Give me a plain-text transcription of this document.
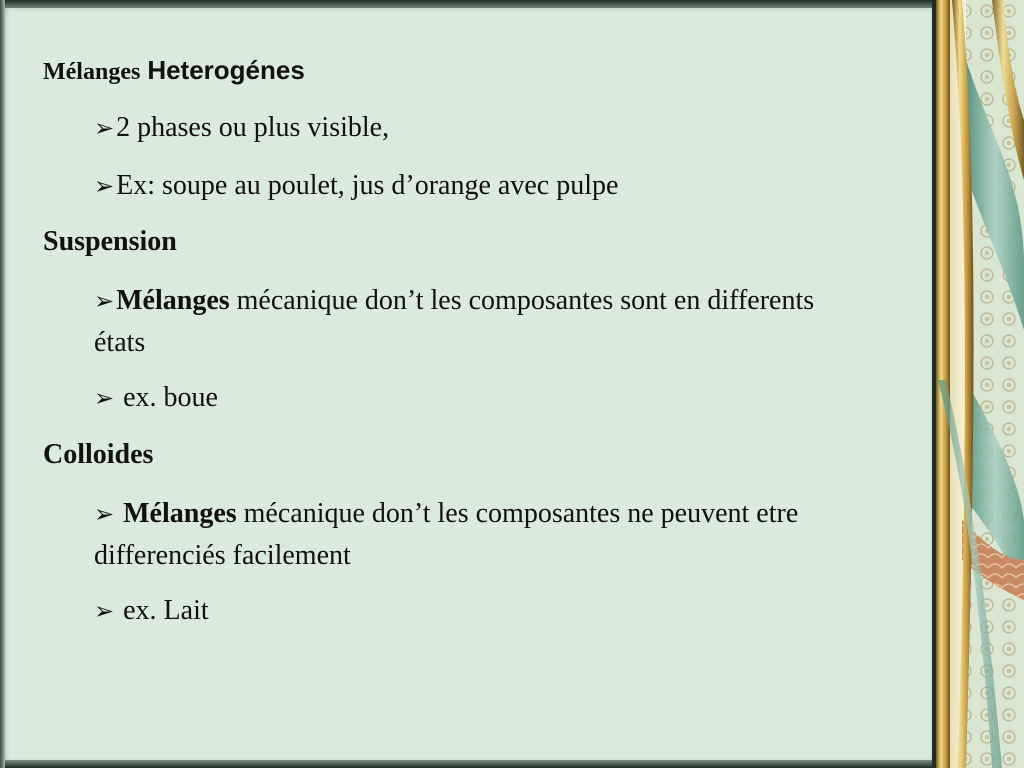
Mélanges Heterogénes
➢2 phases ou plus visible,
➢Ex: soupe au poulet, jus d’orange avec pulpe
Suspension
➢Mélanges mécanique don’t les composantes sont en differents états
➢ ex. boue
Colloides
➢ Mélanges mécanique don’t les composantes ne peuvent etre differenciés facilement
➢ ex. Lait
